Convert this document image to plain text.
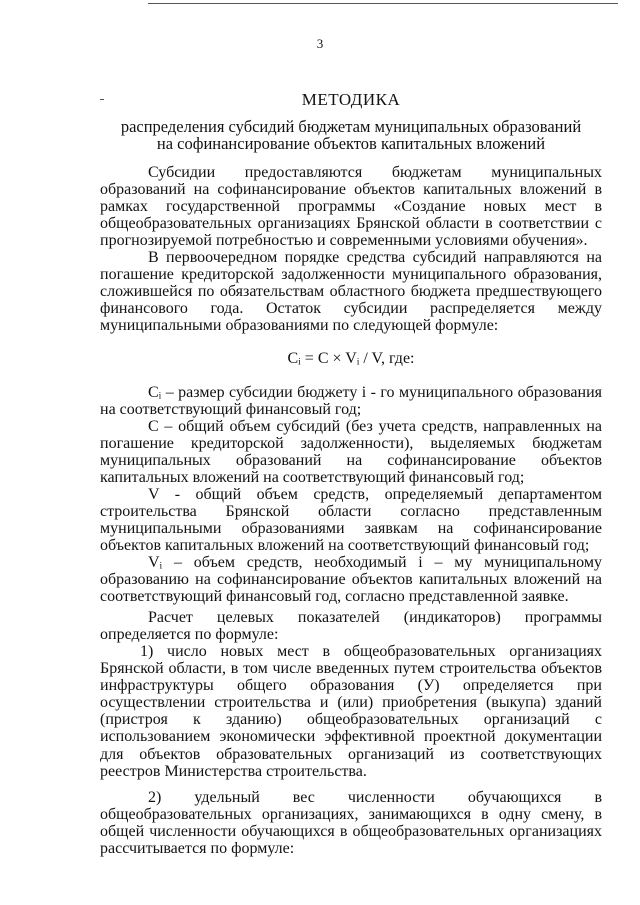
3
МЕТОДИКА
распределения субсидий бюджетам муниципальных образований
на софинансирование объектов капитальных вложений

Субсидии предоставляются бюджетам муниципальных образований на софинансирование объектов капитальных вложений в рамках государственной программы «Создание новых мест в общеобразовательных организациях Брянской области в соответствии с прогнозируемой потребностью и современными условиями обучения».

В первоочередном порядке средства субсидий направляются на погашение кредиторской задолженности муниципального образования, сложившейся по обязательствам областного бюджета предшествующего финансового года. Остаток субсидии распределяется между муниципальными образованиями по следующей формуле:

Cᵢ = C × Vᵢ / V, где:

Cᵢ – размер субсидии бюджету i - го муниципального образования на соответствующий финансовый год;

C – общий объем субсидий (без учета средств, направленных на погашение кредиторской задолженности), выделяемых бюджетам муниципальных образований на софинансирование объектов капитальных вложений на соответствующий финансовый год;

V - общий объем средств, определяемый департаментом строительства Брянской области согласно представленным муниципальными образованиями заявкам на софинансирование объектов капитальных вложений на соответствующий финансовый год;

Vᵢ – объем средств, необходимый i – му муниципальному образованию на софинансирование объектов капитальных вложений на соответствующий финансовый год, согласно представленной заявке.

Расчет целевых показателей (индикаторов) программы определяется по формуле:

1) число новых мест в общеобразовательных организациях Брянской области, в том числе введенных путем строительства объектов инфраструктуры общего образования (У) определяется при осуществлении строительства и (или) приобретения (выкупа) зданий (пристроя к зданию) общеобразовательных организаций с использованием экономически эффективной проектной документации для объектов образовательных организаций из соответствующих реестров Министерства строительства.

2) удельный вес численности обучающихся в общеобразовательных организациях, занимающихся в одну смену, в общей численности обучающихся в общеобразовательных организациях рассчитывается по формуле:
